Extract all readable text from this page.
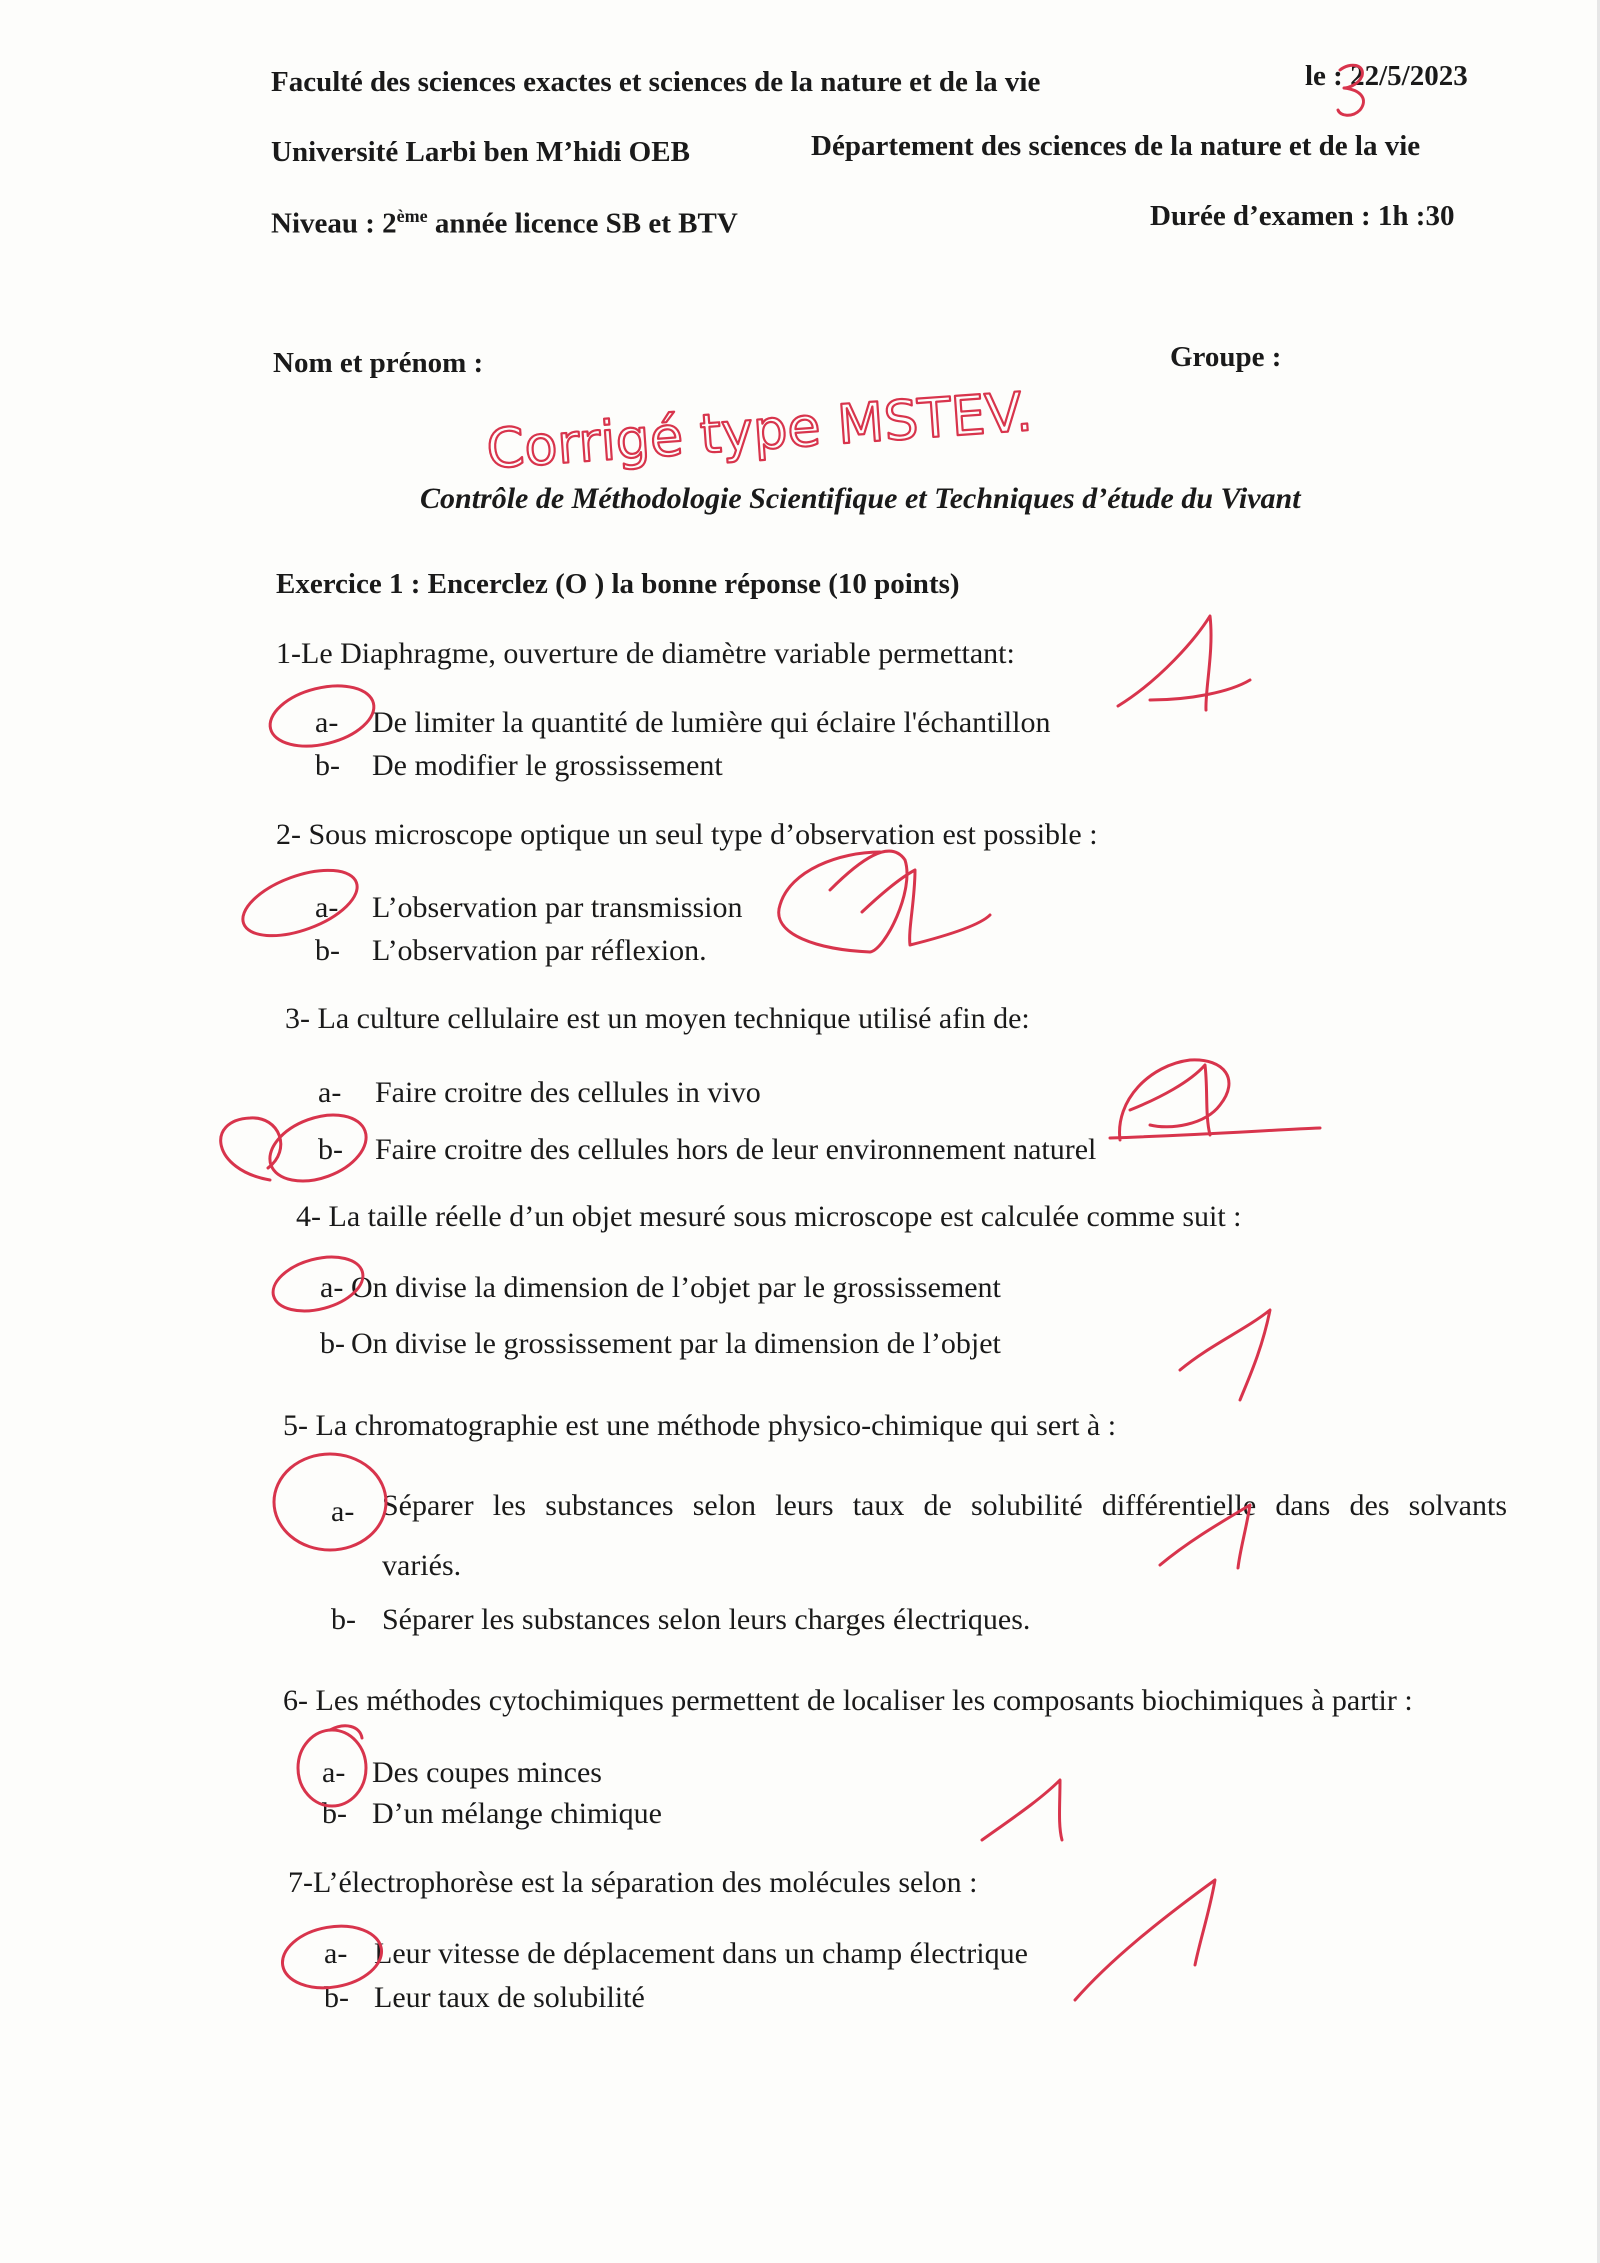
Faculté des sciences exactes et sciences de la nature et de la vie	le : 22/5/2023
Université Larbi ben M’hidi OEB	Département des sciences de la nature et de la vie
Niveau : 2ème année licence SB et BTV	Durée d’examen : 1h :30
Nom et prénom :	Groupe :
Contrôle de Méthodologie Scientifique et Techniques d’étude du Vivant
Exercice 1 : Encerclez (O ) la bonne réponse (10 points)
1-Le Diaphragme, ouverture de diamètre variable permettant:
a- De limiter la quantité de lumière qui éclaire l'échantillon
b- De modifier le grossissement
2- Sous microscope optique un seul type d’observation est possible :
a- L’observation par transmission
b- L’observation par réflexion.
3- La culture cellulaire est un moyen technique utilisé afin de:
a- Faire croitre des cellules in vivo
b- Faire croitre des cellules hors de leur environnement naturel
4- La taille réelle d’un objet mesuré sous microscope est calculée comme suit :
a- On divise la dimension de l’objet par le grossissement
b- On divise le grossissement par la dimension de l’objet
5- La chromatographie est une méthode physico-chimique qui sert à :
a- Séparer les substances selon leurs taux de solubilité différentielle dans des solvants
variés.
b- Séparer les substances selon leurs charges électriques.
6- Les méthodes cytochimiques permettent de localiser les composants biochimiques à partir :
a- Des coupes minces
b- D’un mélange chimique
7-L’électrophorèse est la séparation des molécules selon :
a- Leur vitesse de déplacement dans un champ électrique
b- Leur taux de solubilité
Corrigé type MSTEV.
